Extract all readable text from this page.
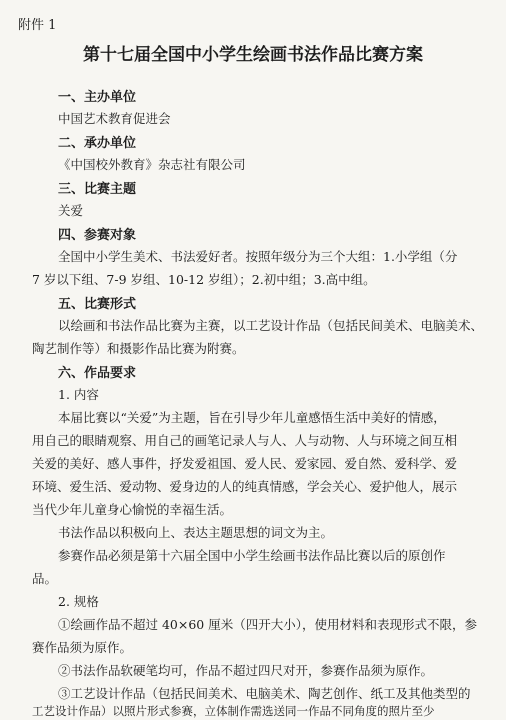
附件 1
第十七届全国中小学生绘画书法作品比赛方案
一、主办单位
中国艺术教育促进会
二、承办单位
《中国校外教育》杂志社有限公司
三、比赛主题
关爱
四、参赛对象
全国中小学生美术、书法爱好者。按照年级分为三个大组：1.小学组（分
7 岁以下组、7-9 岁组、10-12 岁组）；2.初中组；3.高中组。
五、比赛形式
以绘画和书法作品比赛为主赛，以工艺设计作品（包括民间美术、电脑美术、
陶艺制作等）和摄影作品比赛为附赛。
六、作品要求
1. 内容
本届比赛以“关爱”为主题，旨在引导少年儿童感悟生活中美好的情感，
用自己的眼睛观察、用自己的画笔记录人与人、人与动物、人与环境之间互相
关爱的美好、感人事件，抒发爱祖国、爱人民、爱家园、爱自然、爱科学、爱
环境、爱生活、爱动物、爱身边的人的纯真情感，学会关心、爱护他人，展示
当代少年儿童身心愉悦的幸福生活。
书法作品以积极向上、表达主题思想的词文为主。
参赛作品必须是第十六届全国中小学生绘画书法作品比赛以后的原创作
品。
2. 规格
①绘画作品不超过 40×60 厘米（四开大小），使用材料和表现形式不限，参
赛作品须为原作。
②书法作品软硬笔均可，作品不超过四尺对开，参赛作品须为原作。
③工艺设计作品（包括民间美术、电脑美术、陶艺创作、纸工及其他类型的
工艺设计作品）以照片形式参赛，立体制作需选送同一作品不同角度的照片至少
